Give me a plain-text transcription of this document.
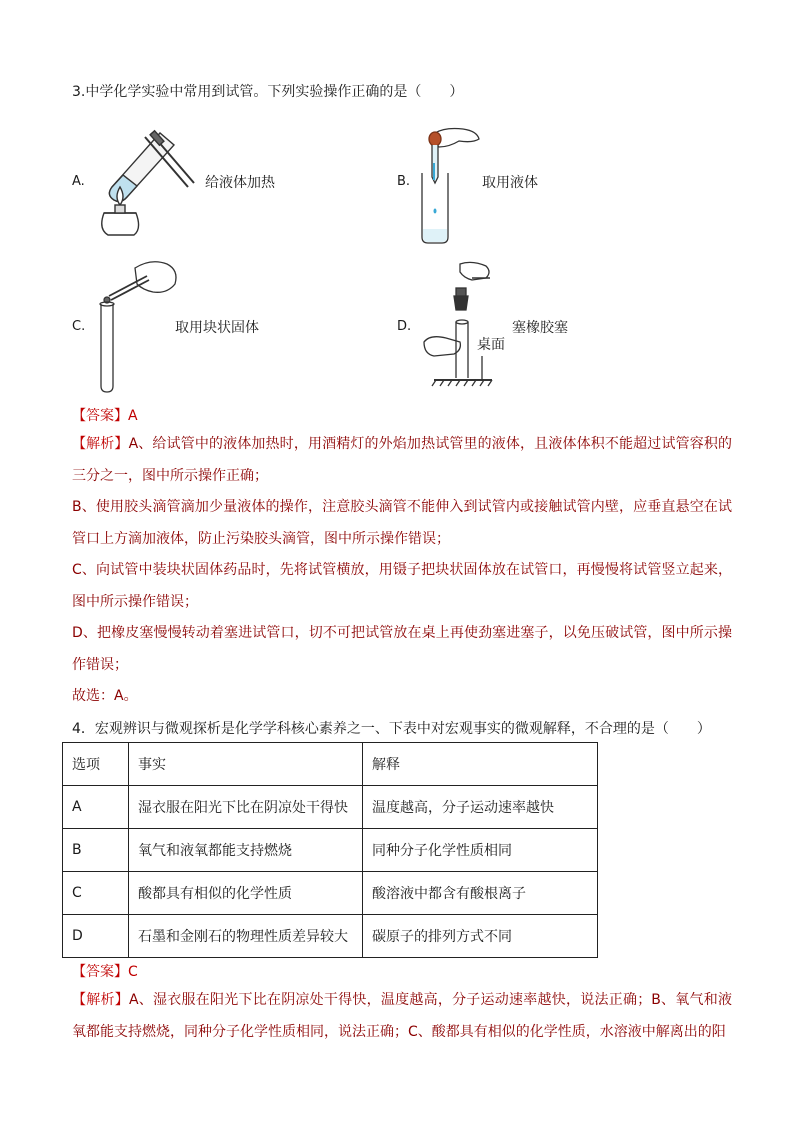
3.中学化学实验中常用到试管。下列实验操作正确的是（　　）
A.	给液体加热	B.	取用液体
C.	取用块状固体	D.
桌面
塞橡胶塞
【答案】A

【解析】A、给试管中的液体加热时，用酒精灯的外焰加热试管里的液体，且液体体积不能超过试管容积的三分之一，图中所示操作正确；

B、使用胶头滴管滴加少量液体的操作，注意胶头滴管不能伸入到试管内或接触试管内壁，应垂直悬空在试管口上方滴加液体，防止污染胶头滴管，图中所示操作错误；

C、向试管中装块状固体药品时，先将试管横放，用镊子把块状固体放在试管口，再慢慢将试管竖立起来，图中所示操作错误；

D、把橡皮塞慢慢转动着塞进试管口，切不可把试管放在桌上再使劲塞进塞子，以免压破试管，图中所示操作错误；

故选：A。

4．宏观辨识与微观探析是化学学科核心素养之一、下表中对宏观事实的微观解释，不合理的是（　　）
选项	事实	解释
A	湿衣服在阳光下比在阴凉处干得快	温度越高，分子运动速率越快
B	氧气和液氧都能支持燃烧	同种分子化学性质相同
C	酸都具有相似的化学性质	酸溶液中都含有酸根离子
D	石墨和金刚石的物理性质差异较大	碳原子的排列方式不同
【答案】C

【解析】A、湿衣服在阳光下比在阴凉处干得快，温度越高，分子运动速率越快，说法正确；B、氧气和液氧都能支持燃烧，同种分子化学性质相同，说法正确；C、酸都具有相似的化学性质，水溶液中解离出的阳
